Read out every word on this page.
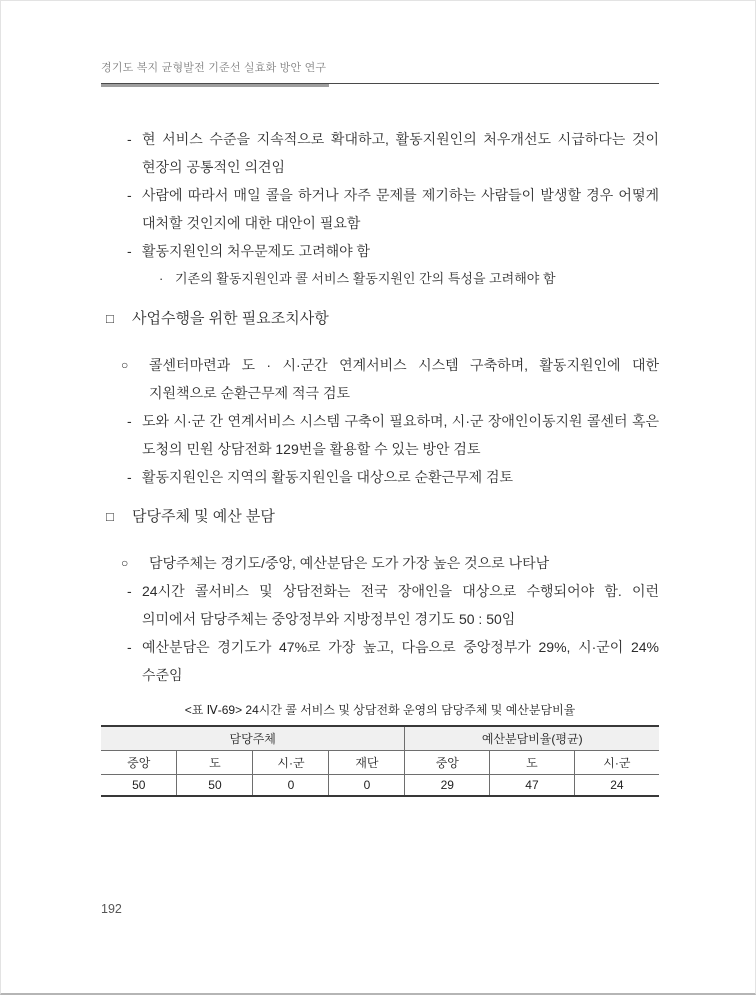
경기도 복지 균형발전 기준선 실효화 방안 연구
- 현 서비스 수준을 지속적으로 확대하고, 활동지원인의 처우개선도 시급하다는 것이 현장의 공통적인 의견임
- 사람에 따라서 매일 콜을 하거나 자주 문제를 제기하는 사람들이 발생할 경우 어떻게 대처할 것인지에 대한 대안이 필요함
- 활동지원인의 처우문제도 고려해야 함
· 기존의 활동지원인과 콜 서비스 활동지원인 간의 특성을 고려해야 함
□	사업수행을 위한 필요조치사항
○	콜센터마련과 도 · 시·군간 연계서비스 시스템 구축하며, 활동지원인에 대한 지원책으로 순환근무제 적극 검토
- 도와 시·군 간 연계서비스 시스템 구축이 필요하며, 시·군 장애인이동지원 콜센터 혹은 도청의 민원 상담전화 129번을 활용할 수 있는 방안 검토
- 활동지원인은 지역의 활동지원인을 대상으로 순환근무제 검토
□	담당주체 및 예산 분담
○	담당주체는 경기도/중앙, 예산분담은 도가 가장 높은 것으로 나타남
- 24시간 콜서비스 및 상담전화는 전국 장애인을 대상으로 수행되어야 함. 이런 의미에서 담당주체는 중앙정부와 지방정부인 경기도 50 : 50임
- 예산분담은 경기도가 47%로 가장 높고, 다음으로 중앙정부가 29%, 시·군이 24% 수준임
<표 Ⅳ-69> 24시간 콜 서비스 및 상담전화 운영의 담당주체 및 예산분담비율
담당주체				예산분담비율(평균)		
중앙	도	시·군	재단	중앙	도	시·군
50	50	0	0	29	47	24
192
